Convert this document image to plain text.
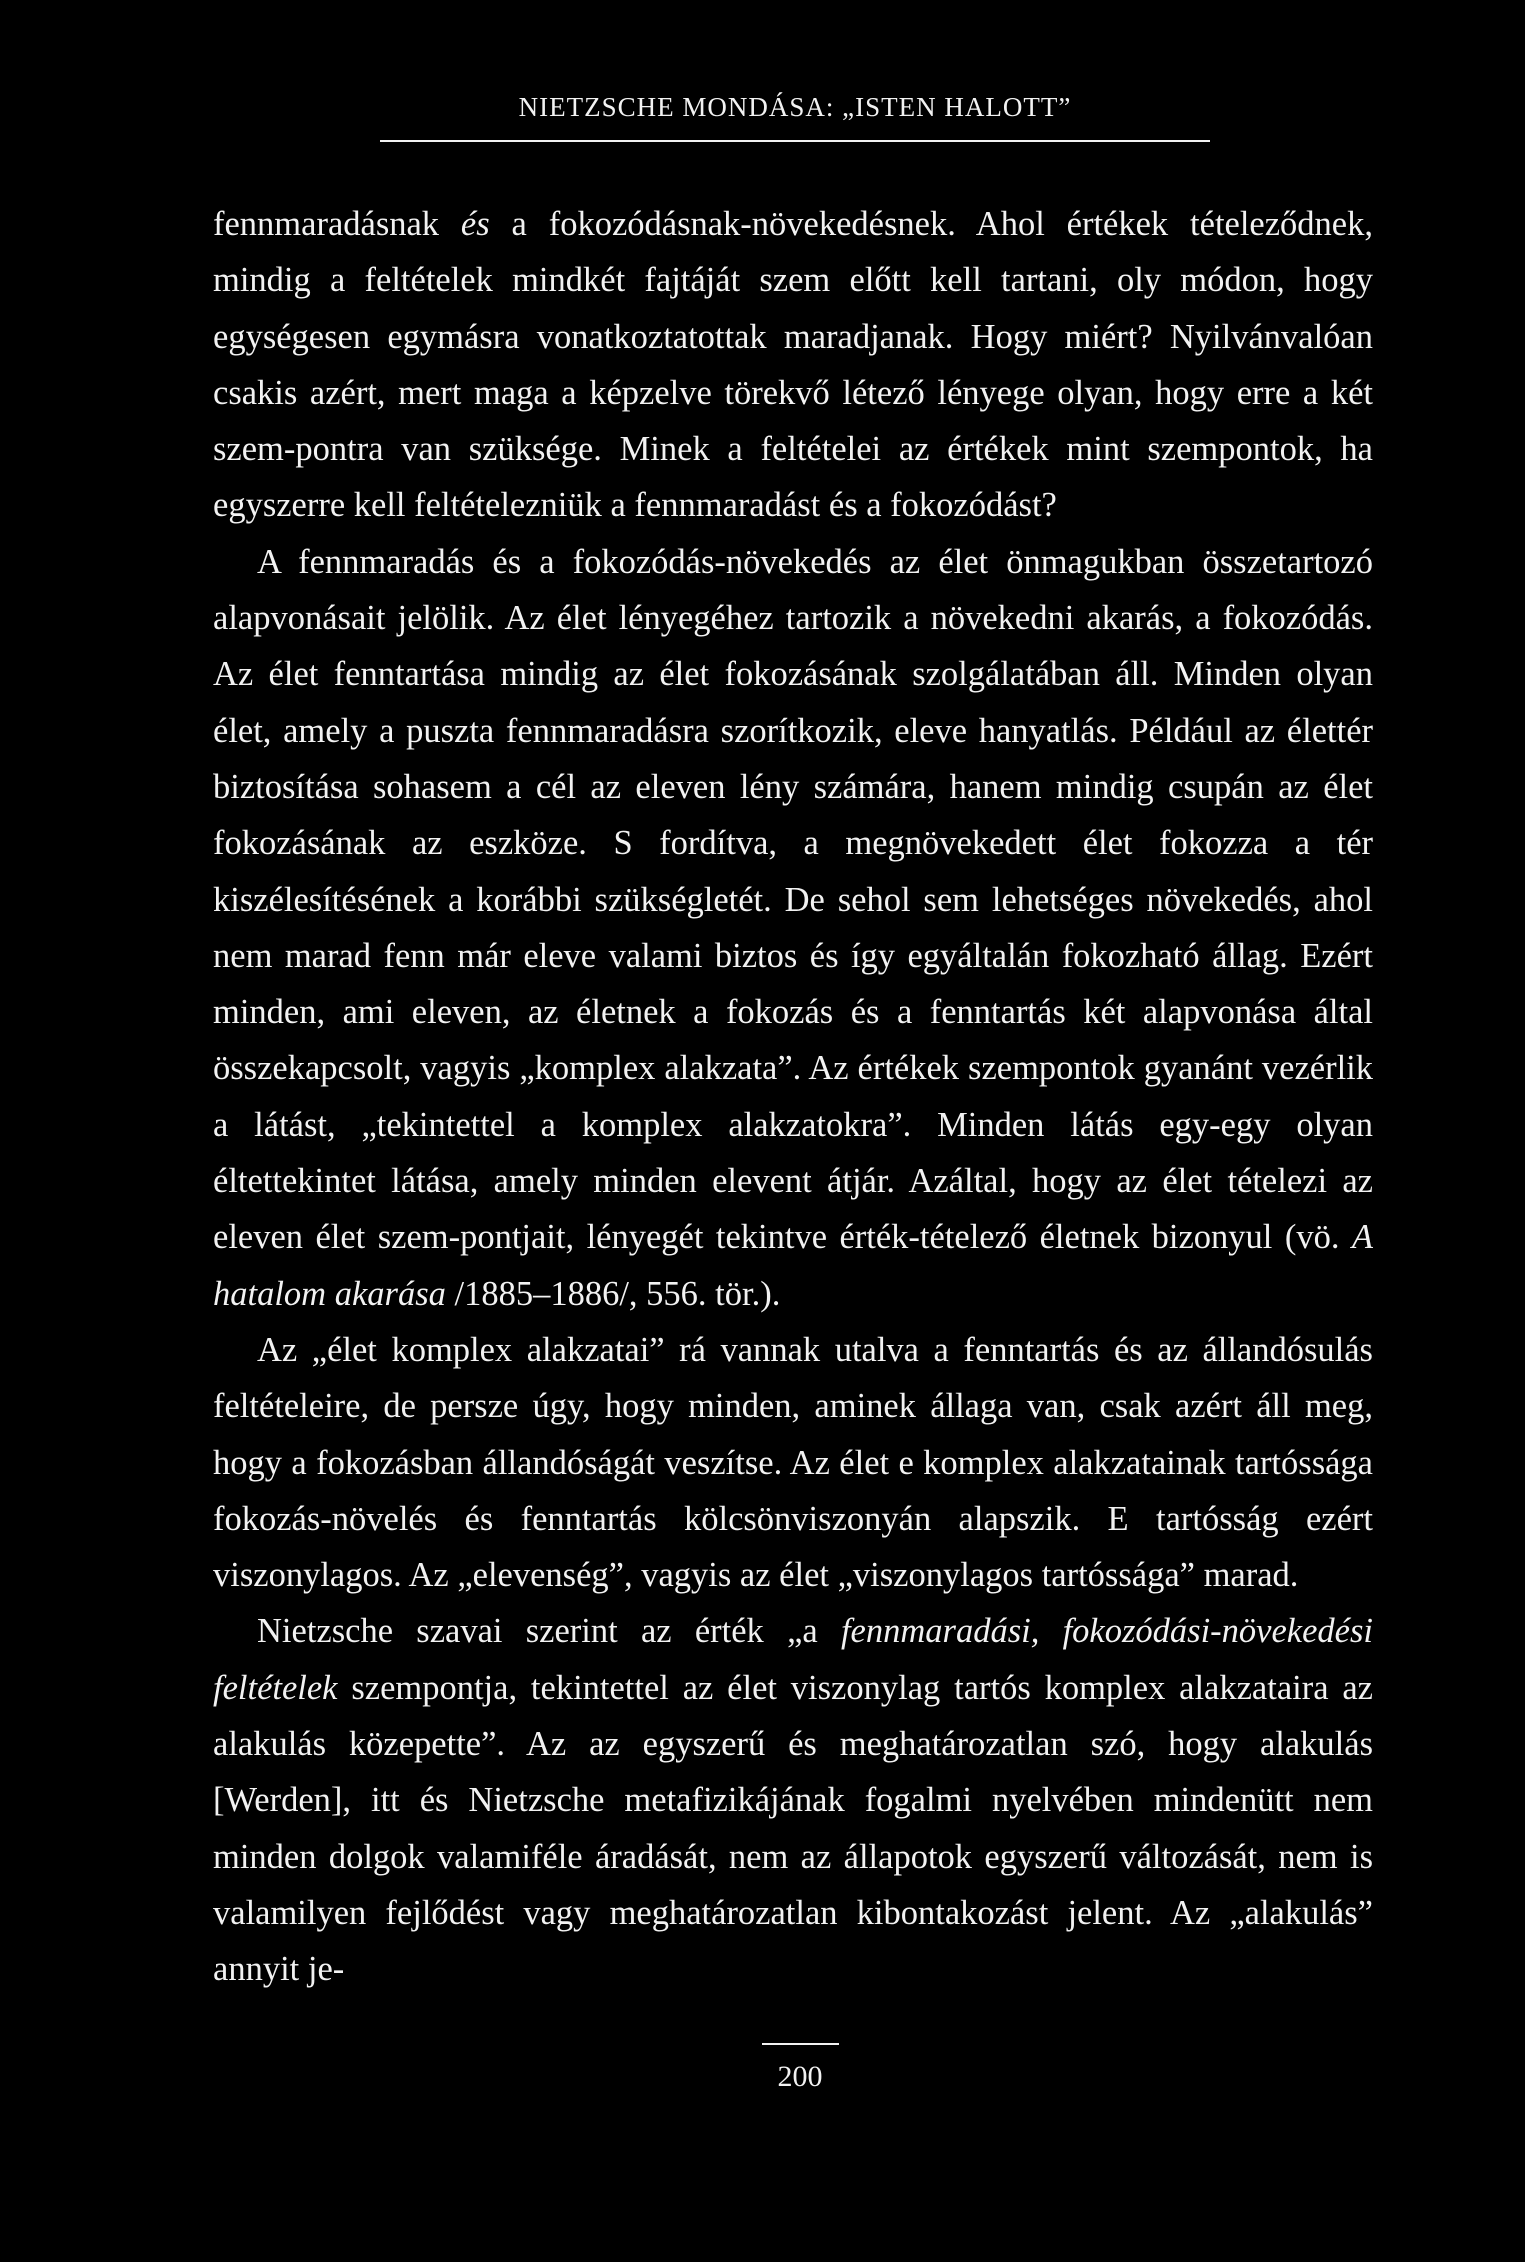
NIETZSCHE MONDÁSA: „ISTEN HALOTT”

fennmaradásnak és a fokozódásnak-növekedésnek. Ahol értékek tételeződnek, mindig a feltételek mindkét fajtáját szem előtt kell tartani, oly módon, hogy egységesen egymásra vonatkoztatottak maradjanak. Hogy miért? Nyilvánvalóan csakis azért, mert maga a képzelve törekvő létező lényege olyan, hogy erre a két szem-pontra van szüksége. Minek a feltételei az értékek mint szempontok, ha egyszerre kell feltételezniük a fennmaradást és a fokozódást?

A fennmaradás és a fokozódás-növekedés az élet önmagukban összetartozó alapvonásait jelölik. Az élet lényegéhez tartozik a növekedni akarás, a fokozódás. Az élet fenntartása mindig az élet fokozásának szolgálatában áll. Minden olyan élet, amely a puszta fennmaradásra szorítkozik, eleve hanyatlás. Például az élettér biztosítása sohasem a cél az eleven lény számára, hanem mindig csupán az élet fokozásának az eszköze. S fordítva, a megnövekedett élet fokozza a tér kiszélesítésének a korábbi szükségletét. De sehol sem lehetséges növekedés, ahol nem marad fenn már eleve valami biztos és így egyáltalán fokozható állag. Ezért minden, ami eleven, az életnek a fokozás és a fenntartás két alapvonása által összekapcsolt, vagyis „komplex alakzata”. Az értékek szempontok gyanánt vezérlik a látást, „tekintettel a komplex alakzatokra”. Minden látás egy-egy olyan éltettekintet látása, amely minden elevent átjár. Azáltal, hogy az élet tételezi az eleven élet szem-pontjait, lényegét tekintve érték-tételező életnek bizonyul (vö. A hatalom akarása /1885–1886/, 556. tör.).

Az „élet komplex alakzatai” rá vannak utalva a fenntartás és az állandósulás feltételeire, de persze úgy, hogy minden, aminek állaga van, csak azért áll meg, hogy a fokozásban állandóságát veszítse. Az élet e komplex alakzatainak tartóssága fokozás-növelés és fenntartás kölcsönviszonyán alapszik. E tartósság ezért viszonylagos. Az „elevenség”, vagyis az élet „viszonylagos tartóssága” marad.

Nietzsche szavai szerint az érték „a fennmaradási, fokozódási-növekedési feltételek szempontja, tekintettel az élet viszonylag tartós komplex alakzataira az alakulás közepette”. Az az egyszerű és meghatározatlan szó, hogy alakulás [Werden], itt és Nietzsche metafizikájának fogalmi nyelvében mindenütt nem minden dolgok valamiféle áradását, nem az állapotok egyszerű változását, nem is valamilyen fejlődést vagy meghatározatlan kibontakozást jelent. Az „alakulás” annyit je-

200
